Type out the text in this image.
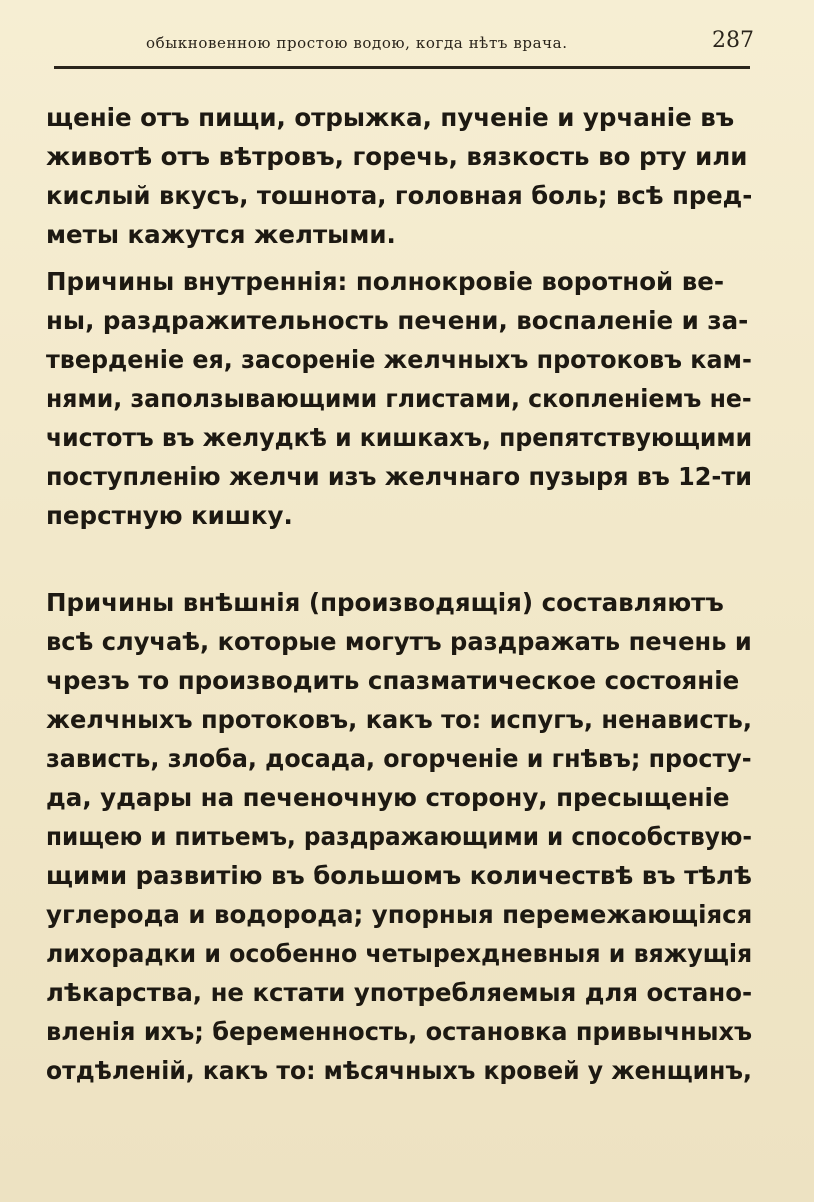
обыкновенною простою водою, когда нѣтъ врача.	287
щеніе отъ пищи, отрыжка, пученіе и урчаніе въ
животѣ отъ вѣтровъ, горечь, вязкость во рту или
кислый вкусъ, тошнота, головная боль; всѣ пред-
меты кажутся желтыми.
Причины внутреннія: полнокровіе воротной ве-
ны, раздражительность печени, воспаленіе и за-
тверденіе ея, засореніе желчныхъ протоковъ кам-
нями, заползывающими глистами, скопленіемъ не-
чистотъ въ желудкѣ и кишкахъ, препятствующими
поступленію желчи изъ желчнаго пузыря въ 12-ти
перстную кишку.
Причины внѣшнія (производящія) составляютъ
всѣ случаѣ, которые могутъ раздражать печень и
чрезъ то производить спазматическое состояніе
желчныхъ протоковъ, какъ то: испугъ, ненависть,
зависть, злоба, досада, огорченіе и гнѣвъ; просту-
да, удары на печеночную сторону, пресыщеніе
пищею и питьемъ, раздражающими и способствую-
щими развитію въ большомъ количествѣ въ тѣлѣ
углерода и водорода; упорныя перемежающіяся
лихорадки и особенно четырехдневныя и вяжущія
лѣкарства, не кстати употребляемыя для остано-
вленія ихъ; беременность, остановка привычныхъ
отдѣленій, какъ то: мѣсячныхъ кровей у женщинъ,
